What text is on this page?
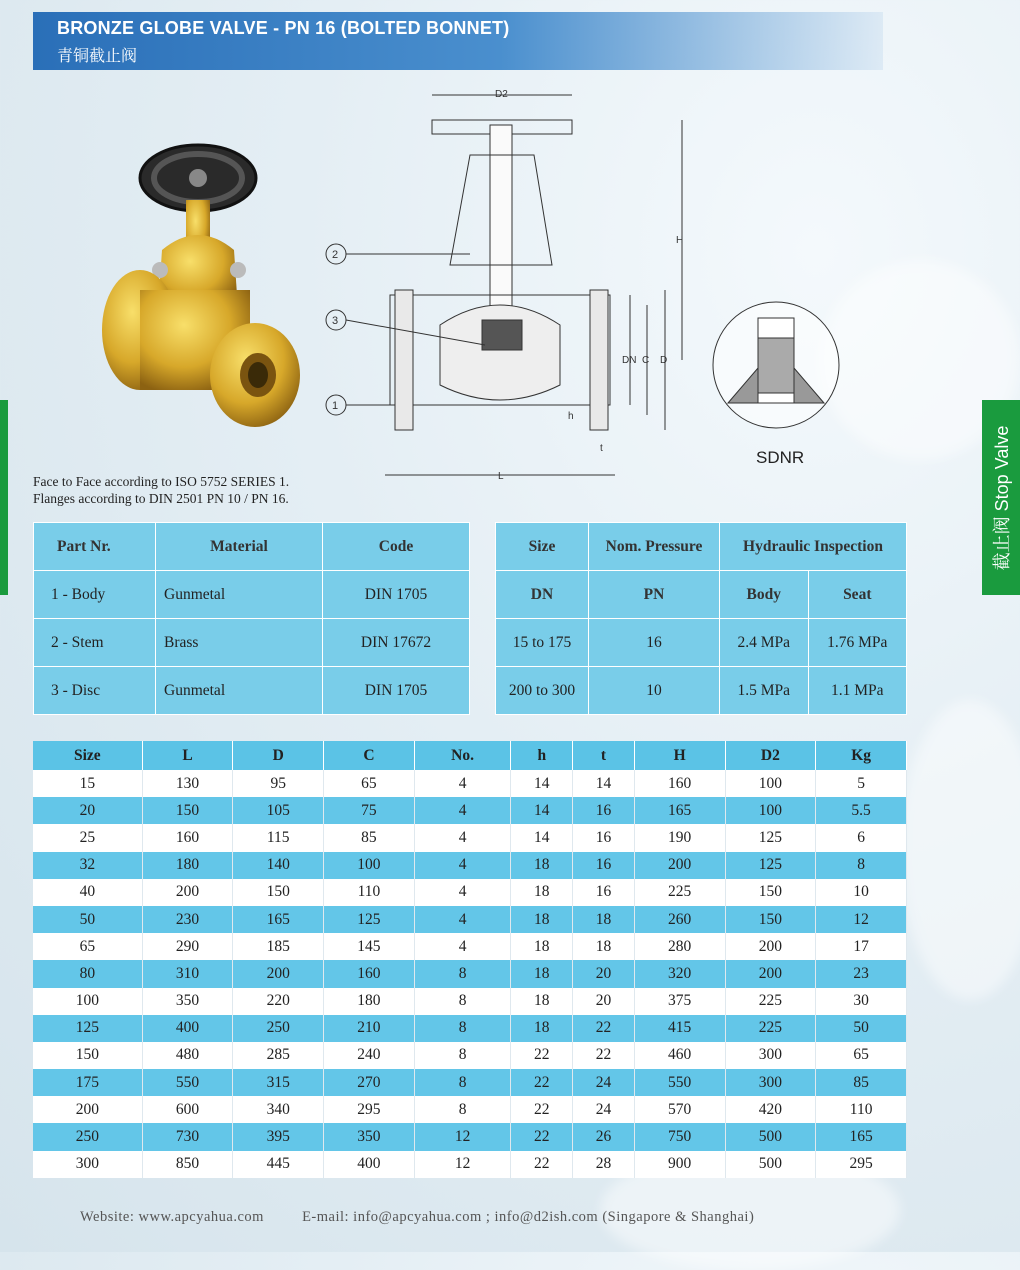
BRONZE GLOBE VALVE - PN 16 (BOLTED BONNET)
青铜截止阀
截止阀 Stop Valve
D2
L
H
DN C D
h
t
2
3
1
SDNR
Face to Face according to ISO 5752 SERIES 1.
Flanges according to DIN 2501 PN 10 / PN 16.
Part Nr.	Material	Code
1 - Body	Gunmetal	DIN 1705
2 - Stem	Brass	DIN 17672
3 - Disc	Gunmetal	DIN 1705
Size	Nom. Pressure	Hydraulic Inspection	
DN	PN	Body	Seat
15 to 175	16	2.4 MPa	1.76 MPa
200 to 300	10	1.5 MPa	1.1 MPa
Size	L	D	C	No.	h	t	H	D2	Kg
15	130	95	65	4	14	14	160	100	5
20	150	105	75	4	14	16	165	100	5.5
25	160	115	85	4	14	16	190	125	6
32	180	140	100	4	18	16	200	125	8
40	200	150	110	4	18	16	225	150	10
50	230	165	125	4	18	18	260	150	12
65	290	185	145	4	18	18	280	200	17
80	310	200	160	8	18	20	320	200	23
100	350	220	180	8	18	20	375	225	30
125	400	250	210	8	18	22	415	225	50
150	480	285	240	8	22	22	460	300	65
175	550	315	270	8	22	24	550	300	85
200	600	340	295	8	22	24	570	420	110
250	730	395	350	12	22	26	750	500	165
300	850	445	400	12	22	28	900	500	295
Website: www.apcyahua.com	E-mail: info@apcyahua.com ; info@d2ish.com (Singapore & Shanghai)
